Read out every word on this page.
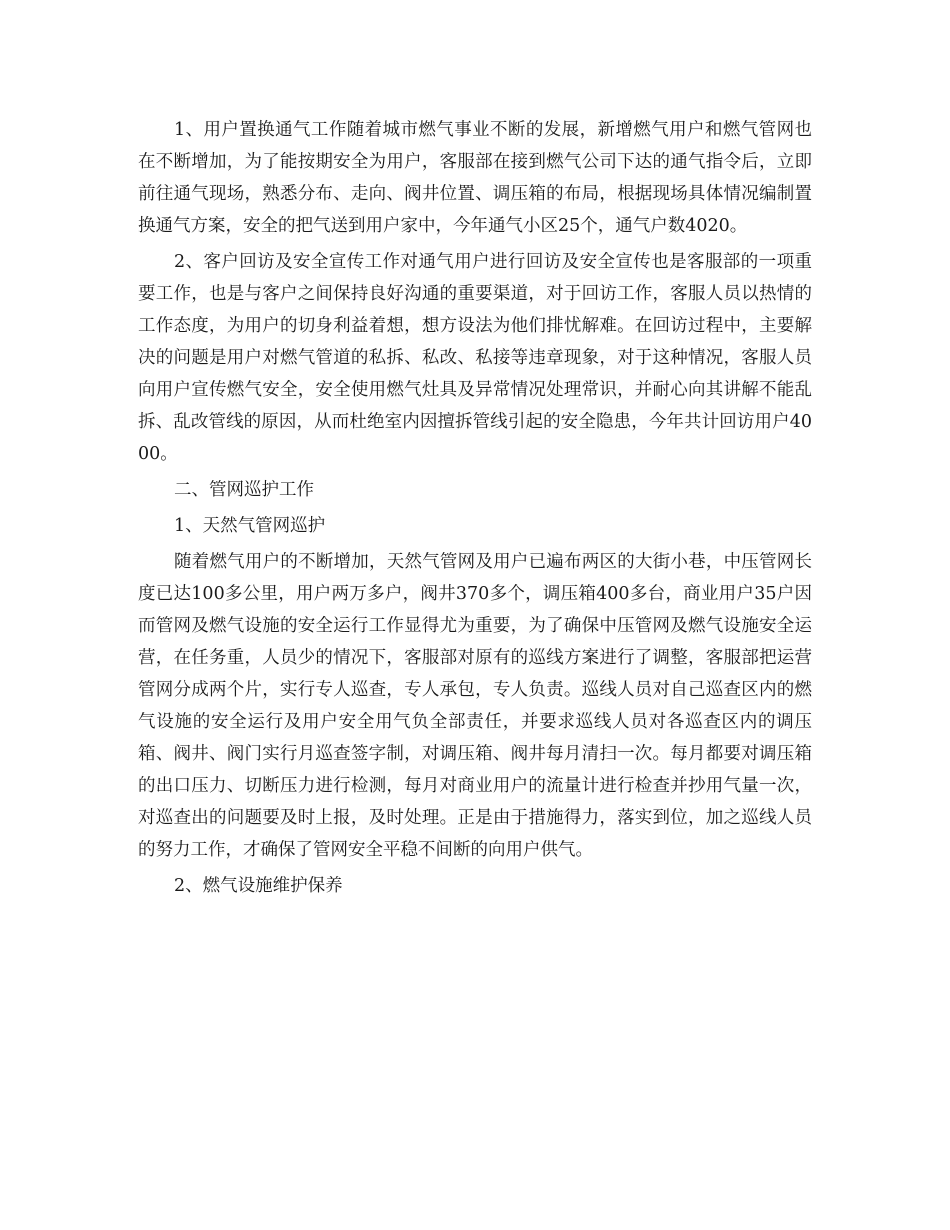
1、用户置换通气工作随着城市燃气事业不断的发展，新增燃气用户和燃气管网也在不断增加，为了能按期安全为用户，客服部在接到燃气公司下达的通气指令后，立即前往通气现场，熟悉分布、走向、阀井位置、调压箱的布局，根据现场具体情况编制置换通气方案，安全的把气送到用户家中，今年通气小区25个，通气户数4020。

2、客户回访及安全宣传工作对通气用户进行回访及安全宣传也是客服部的一项重要工作，也是与客户之间保持良好沟通的重要渠道，对于回访工作，客服人员以热情的工作态度，为用户的切身利益着想，想方设法为他们排忧解难。在回访过程中，主要解决的问题是用户对燃气管道的私拆、私改、私接等违章现象，对于这种情况，客服人员向用户宣传燃气安全，安全使用燃气灶具及异常情况处理常识，并耐心向其讲解不能乱拆、乱改管线的原因，从而杜绝室内因擅拆管线引起的安全隐患，今年共计回访用户4000。

二、管网巡护工作

1、天然气管网巡护

随着燃气用户的不断增加，天然气管网及用户已遍布两区的大街小巷，中压管网长度已达100多公里，用户两万多户，阀井370多个，调压箱400多台，商业用户35户因而管网及燃气设施的安全运行工作显得尤为重要，为了确保中压管网及燃气设施安全运营，在任务重，人员少的情况下，客服部对原有的巡线方案进行了调整，客服部把运营管网分成两个片，实行专人巡查，专人承包，专人负责。巡线人员对自己巡查区内的燃气设施的安全运行及用户安全用气负全部责任，并要求巡线人员对各巡查区内的调压箱、阀井、阀门实行月巡查签字制，对调压箱、阀井每月清扫一次。每月都要对调压箱的出口压力、切断压力进行检测，每月对商业用户的流量计进行检查并抄用气量一次，对巡查出的问题要及时上报，及时处理。正是由于措施得力，落实到位，加之巡线人员的努力工作，才确保了管网安全平稳不间断的向用户供气。

2、燃气设施维护保养
